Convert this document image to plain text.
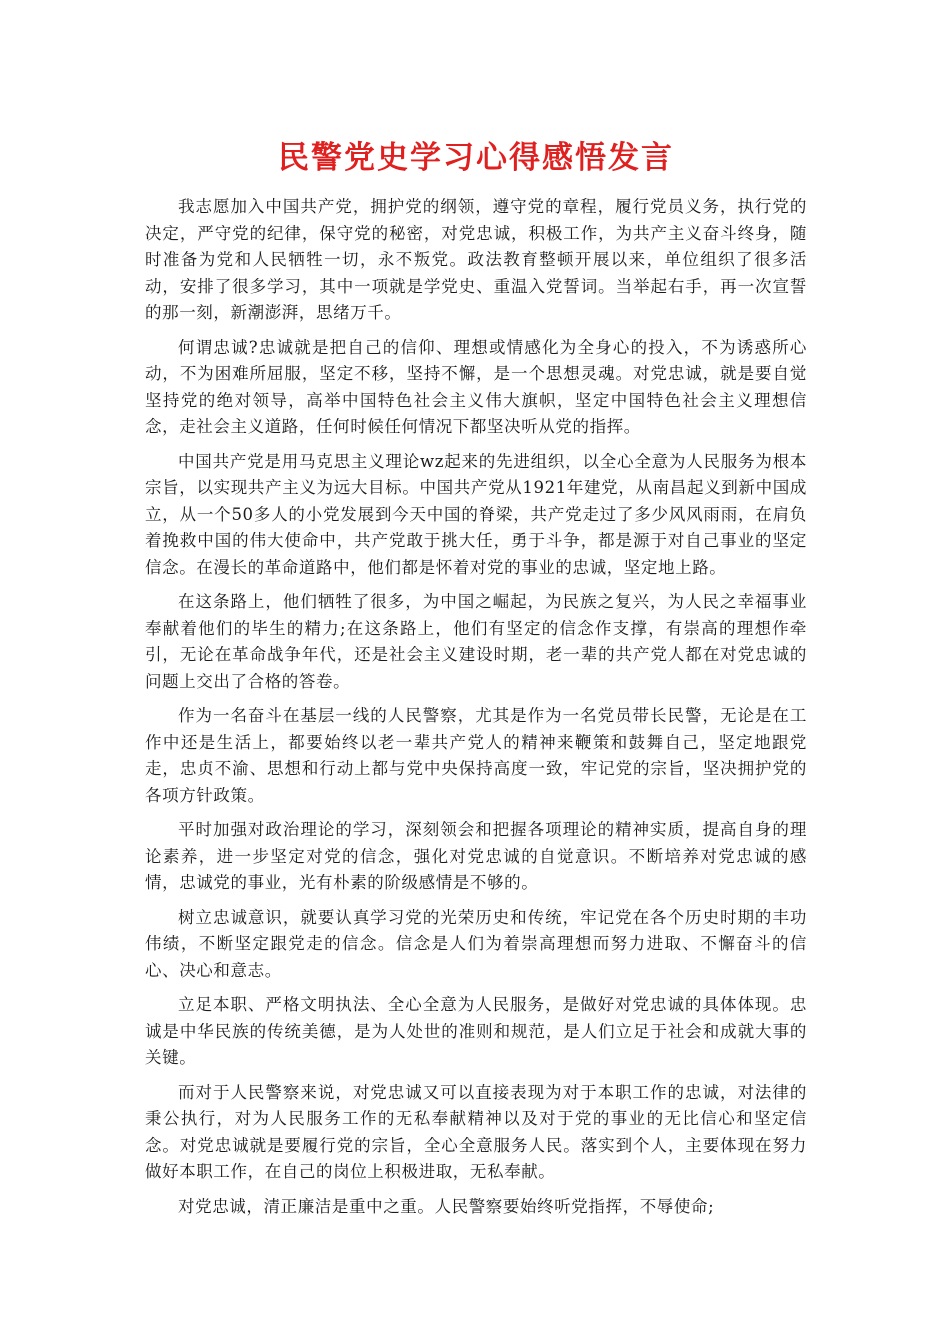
民警党史学习心得感悟发言

我志愿加入中国共产党，拥护党的纲领，遵守党的章程，履行党员义务，执行党的决定，严守党的纪律，保守党的秘密，对党忠诚，积极工作，为共产主义奋斗终身，随时准备为党和人民牺牲一切，永不叛党。政法教育整顿开展以来，单位组织了很多活动，安排了很多学习，其中一项就是学党史、重温入党誓词。当举起右手，再一次宣誓的那一刻，新潮澎湃，思绪万千。

何谓忠诚?忠诚就是把自己的信仰、理想或情感化为全身心的投入，不为诱惑所心动，不为困难所屈服，坚定不移，坚持不懈，是一个思想灵魂。对党忠诚，就是要自觉坚持党的绝对领导，高举中国特色社会主义伟大旗帜，坚定中国特色社会主义理想信念，走社会主义道路，任何时候任何情况下都坚决听从党的指挥。

中国共产党是用马克思主义理论wz起来的先进组织，以全心全意为人民服务为根本宗旨，以实现共产主义为远大目标。中国共产党从1921年建党，从南昌起义到新中国成立，从一个50多人的小党发展到今天中国的脊梁，共产党走过了多少风风雨雨，在肩负着挽救中国的伟大使命中，共产党敢于挑大任，勇于斗争，都是源于对自己事业的坚定信念。在漫长的革命道路中，他们都是怀着对党的事业的忠诚，坚定地上路。

在这条路上，他们牺牲了很多，为中国之崛起，为民族之复兴，为人民之幸福事业奉献着他们的毕生的精力;在这条路上，他们有坚定的信念作支撑，有崇高的理想作牵引，无论在革命战争年代，还是社会主义建设时期，老一辈的共产党人都在对党忠诚的问题上交出了合格的答卷。

作为一名奋斗在基层一线的人民警察，尤其是作为一名党员带长民警，无论是在工作中还是生活上，都要始终以老一辈共产党人的精神来鞭策和鼓舞自己，坚定地跟党走，忠贞不渝、思想和行动上都与党中央保持高度一致，牢记党的宗旨，坚决拥护党的各项方针政策。

平时加强对政治理论的学习，深刻领会和把握各项理论的精神实质，提高自身的理论素养，进一步坚定对党的信念，强化对党忠诚的自觉意识。不断培养对党忠诚的感情，忠诚党的事业，光有朴素的阶级感情是不够的。

树立忠诚意识，就要认真学习党的光荣历史和传统，牢记党在各个历史时期的丰功伟绩，不断坚定跟党走的信念。信念是人们为着崇高理想而努力进取、不懈奋斗的信心、决心和意志。

立足本职、严格文明执法、全心全意为人民服务，是做好对党忠诚的具体体现。忠诚是中华民族的传统美德，是为人处世的准则和规范，是人们立足于社会和成就大事的关键。

而对于人民警察来说，对党忠诚又可以直接表现为对于本职工作的忠诚，对法律的秉公执行，对为人民服务工作的无私奉献精神以及对于党的事业的无比信心和坚定信念。对党忠诚就是要履行党的宗旨，全心全意服务人民。落实到个人，主要体现在努力做好本职工作，在自己的岗位上积极进取，无私奉献。

对党忠诚，清正廉洁是重中之重。人民警察要始终听党指挥，不辱使命;
